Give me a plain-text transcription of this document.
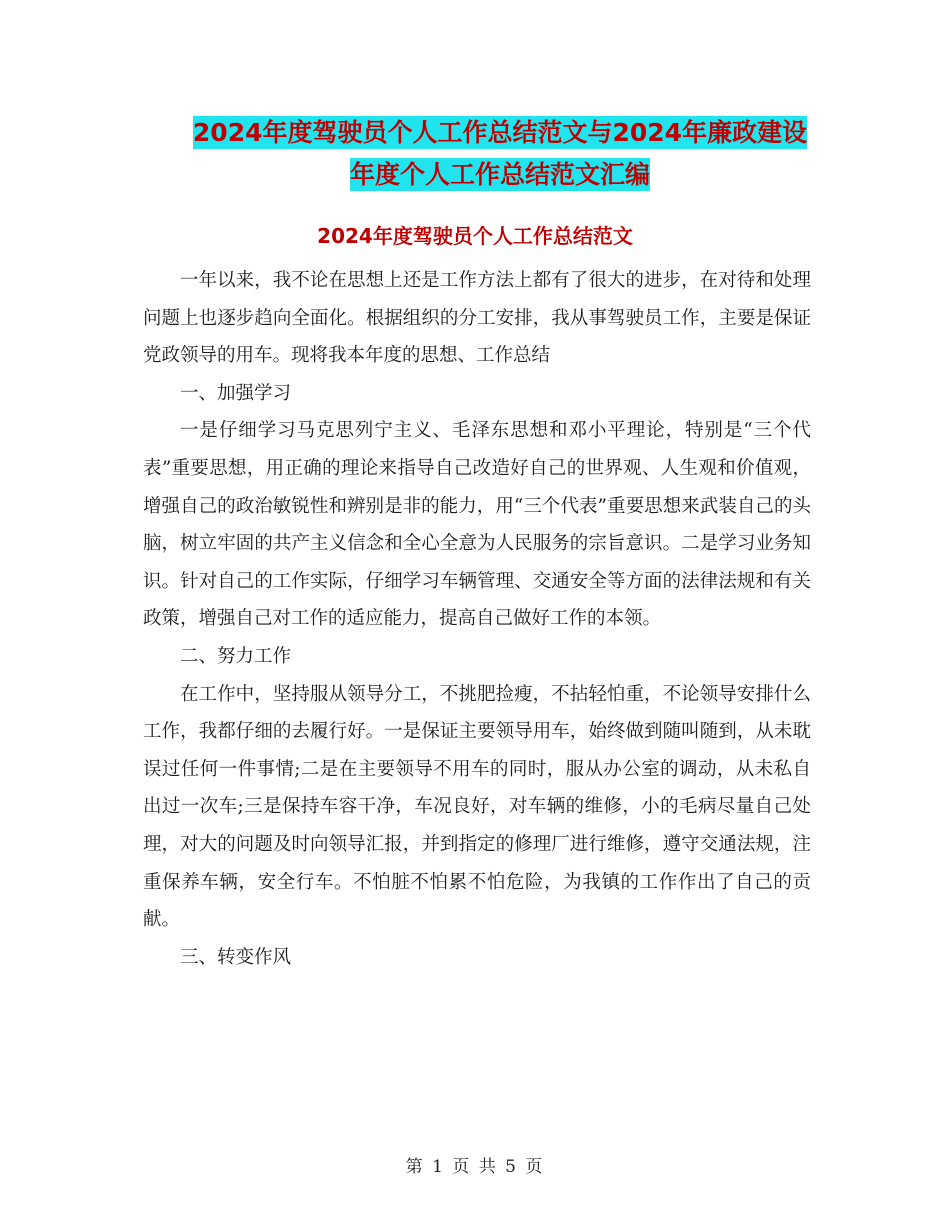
2024年度驾驶员个人工作总结范文与2024年廉政建设
年度个人工作总结范文汇编
2024年度驾驶员个人工作总结范文

一年以来，我不论在思想上还是工作方法上都有了很大的进步，在对待和处理问题上也逐步趋向全面化。根据组织的分工安排，我从事驾驶员工作，主要是保证党政领导的用车。现将我本年度的思想、工作总结

一、加强学习

一是仔细学习马克思列宁主义、毛泽东思想和邓小平理论，特别是“三个代表”重要思想，用正确的理论来指导自己改造好自己的世界观、人生观和价值观，增强自己的政治敏锐性和辨别是非的能力，用“三个代表”重要思想来武装自己的头脑，树立牢固的共产主义信念和全心全意为人民服务的宗旨意识。二是学习业务知识。针对自己的工作实际，仔细学习车辆管理、交通安全等方面的法律法规和有关政策，增强自己对工作的适应能力，提高自己做好工作的本领。

二、努力工作

在工作中，坚持服从领导分工，不挑肥捡瘦，不拈轻怕重，不论领导安排什么工作，我都仔细的去履行好。一是保证主要领导用车，始终做到随叫随到，从未耽误过任何一件事情;二是在主要领导不用车的同时，服从办公室的调动，从未私自出过一次车;三是保持车容干净，车况良好，对车辆的维修，小的毛病尽量自己处理，对大的问题及时向领导汇报，并到指定的修理厂进行维修，遵守交通法规，注重保养车辆，安全行车。不怕脏不怕累不怕危险，为我镇的工作作出了自己的贡献。

三、转变作风

第 1 页 共 5 页
